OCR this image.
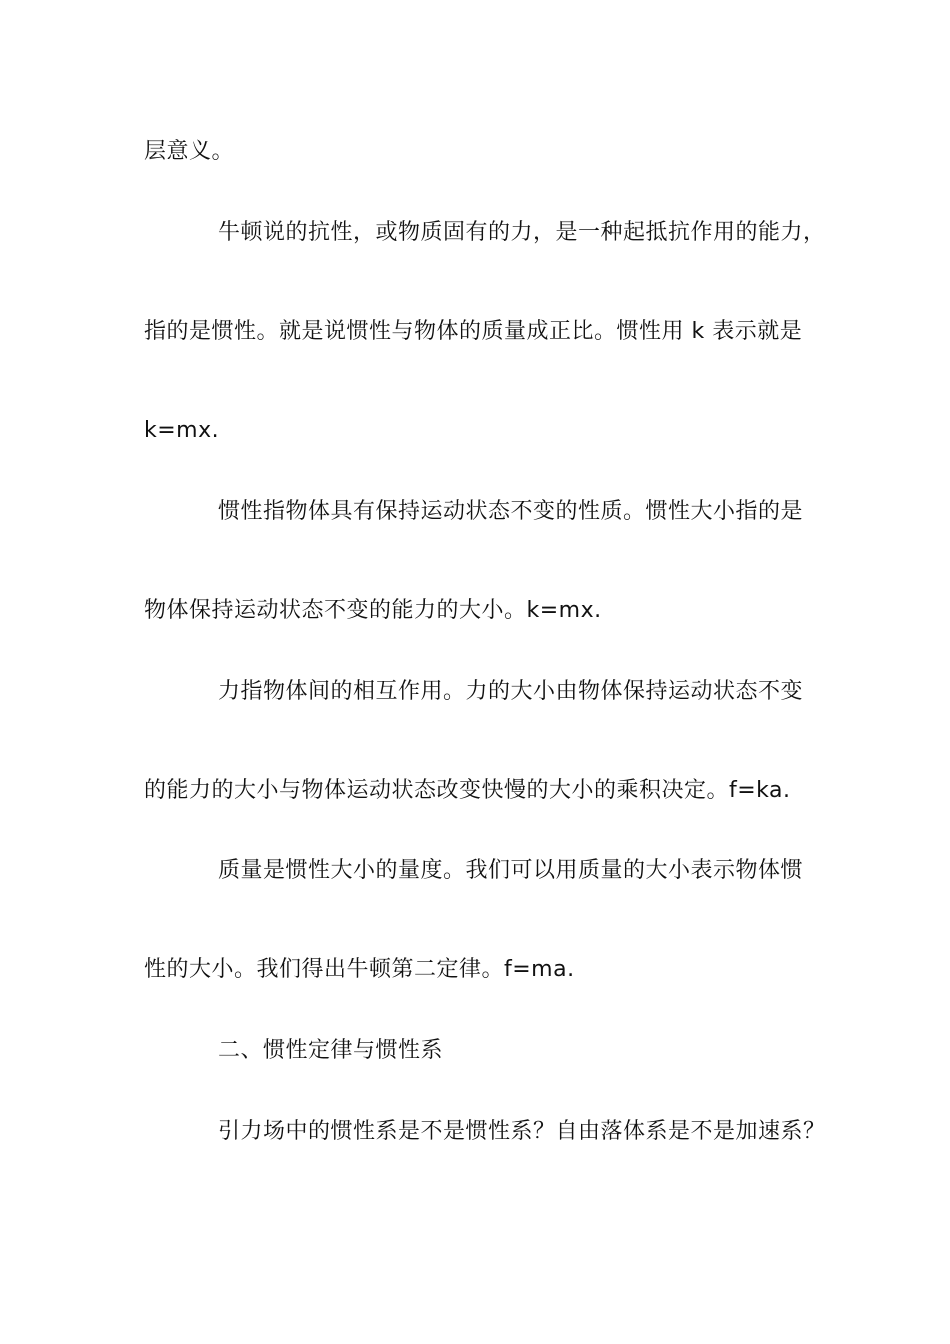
层意义。
牛顿说的抗性，或物质固有的力，是一种起抵抗作用的能力，
指的是惯性。就是说惯性与物体的质量成正比。惯性用 k 表示就是
k=mx.
惯性指物体具有保持运动状态不变的性质。惯性大小指的是
物体保持运动状态不变的能力的大小。k=mx.
力指物体间的相互作用。力的大小由物体保持运动状态不变
的能力的大小与物体运动状态改变快慢的大小的乘积决定。f=ka.
质量是惯性大小的量度。我们可以用质量的大小表示物体惯
性的大小。我们得出牛顿第二定律。f=ma.
二、惯性定律与惯性系
引力场中的惯性系是不是惯性系？自由落体系是不是加速系？
